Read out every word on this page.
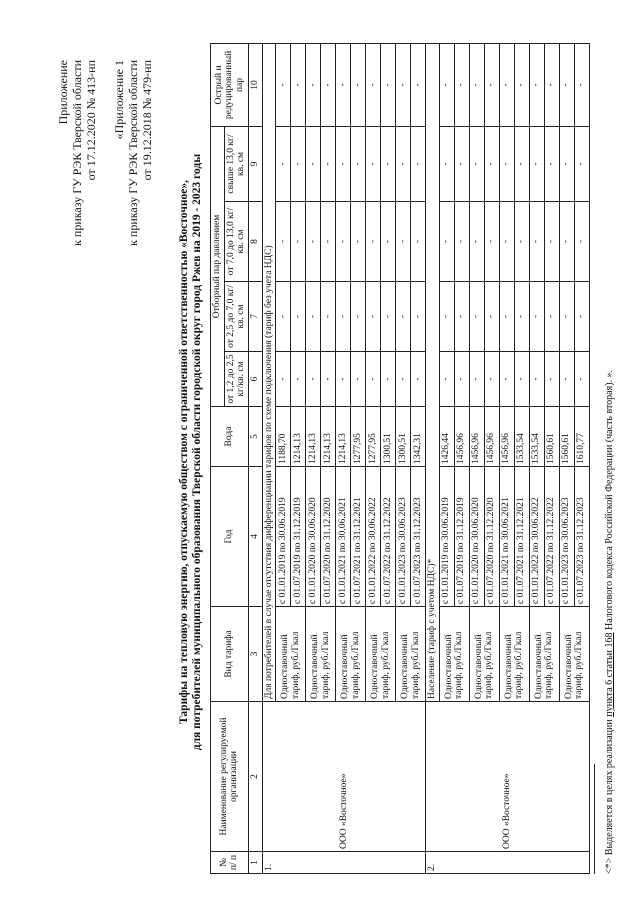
Приложение к приказу ГУ РЭК Тверской области от 17.12.2020 № 413-нп «Приложение 1 к приказу ГУ РЭК Тверской области от 19.12.2018 № 479-нп
Тарифы на тепловую энергию, отпускаемую обществом с ограниченной ответственностью «Восточное», для потребителей муниципального образования Тверской области городской округ город Ржев на 2019 - 2023 годы
№ п/ п	Наименование регулируемой организации	Вид тарифа	Год	Вода	Отборный пар давлением				Острый и редуцированный пар
					от 1,2 до 2,5 кг/кв. см	от 2,5 до 7,0 кг/кв. см	от 7,0 до 13,0 кг/кв. см	свыше 13,0 кг/кв. см	
1	2	3	4	5	6	7	8	9	10
1.	ООО «Восточное»	Для потребителей в случае отсутствия дифференциации тарифов по схеме подключения (тариф без учета НДС)							
		Одноставочный тариф, руб./Гкал	с 01.01.2019 по 30.06.2019	1188,70	-	-	-	-	-
			с 01.07.2019 по 31.12.2019	1214,13	-	-	-	-	-
		Одноставочный тариф, руб./Гкал	с 01.01.2020 по 30.06.2020	1214,13	-	-	-	-	-
			с 01.07.2020 по 31.12.2020	1214,13	-	-	-	-	-
		Одноставочный тариф, руб./Гкал	с 01.01.2021 по 30.06.2021	1214,13	-	-	-	-	-
			с 01.07.2021 по 31.12.2021	1277,95	-	-	-	-	-
		Одноставочный тариф, руб./Гкал	с 01.01.2022 по 30.06.2022	1277,95	-	-	-	-	-
			с 01.07.2022 по 31.12.2022	1300,51	-	-	-	-	-
		Одноставочный тариф, руб./Гкал	с 01.01.2023 по 30.06.2023	1300,51	-	-	-	-	-
			с 01.07.2023 по 31.12.2023	1342,31	-	-	-	-	-
2.	ООО «Восточное»	Население (тариф с учетом НДС)*							
		Одноставочный тариф, руб./Гкал	с 01.01.2019 по 30.06.2019	1426,44	-	-	-	-	-
			с 01.07.2019 по 31.12.2019	1456,96	-	-	-	-	-
		Одноставочный тариф, руб./Гкал	с 01.01.2020 по 30.06.2020	1456,96	-	-	-	-	-
			с 01.07.2020 по 31.12.2020	1456,96	-	-	-	-	-
		Одноставочный тариф, руб./Гкал	с 01.01.2021 по 30.06.2021	1456,96	-	-	-	-	-
			с 01.07.2021 по 31.12.2021	1533,54	-	-	-	-	-
		Одноставочный тариф, руб./Гкал	с 01.01.2022 по 30.06.2022	1533,54	-	-	-	-	-
			с 01.07.2022 по 31.12.2022	1560,61	-	-	-	-	-
		Одноставочный тариф, руб./Гкал	с 01.01.2023 по 30.06.2023	1560,61	-	-	-	-	-
			с 01.07.2023 по 31.12.2023	1610,77	-	-	-	-	-
<*> Выделяется в целях реализации пункта 6 статьи 168 Налогового кодекса Российской Федерации (часть вторая). ».
